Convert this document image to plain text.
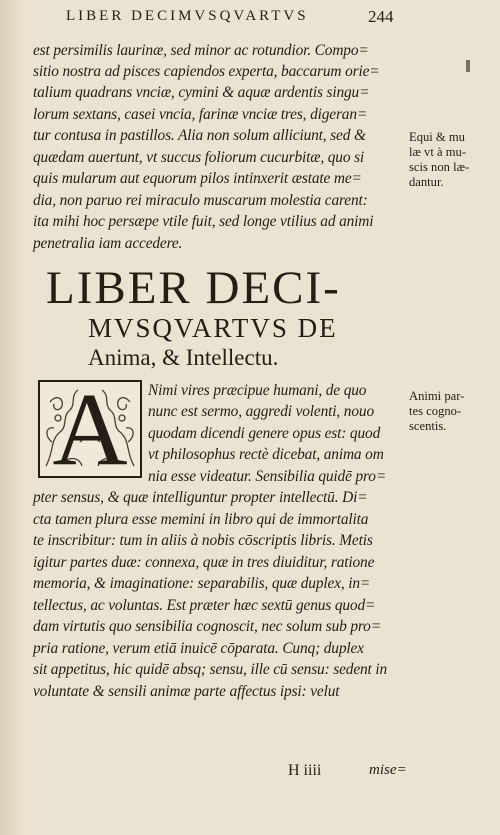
LIBER DECIMVSQVARTVS	244
est persimilis laurinæ, sed minor ac rotundior. Compo=
sitio nostra ad pisces capiendos experta, baccarum orie=
talium quadrans vnciæ, cymini & aquæ ardentis singu=
lorum sextans, casei vncia, farinæ vnciæ tres, digeran=
tur contusa in pastillos. Alia non solum alliciunt, sed &
quædam auertunt, vt succus foliorum cucurbitæ, quo si
quis mularum aut equorum pilos intinxerit æstate me=
dia, non paruo rei miraculo muscarum molestia carent:
ita mihi hoc persæpe vtile fuit, sed longe vtilius ad animi
penetralia iam accedere.
LIBER DECI-
MVSQVARTVS DE
Anima, & Intellectu.
A	Nimi vires præcipue humani, de quo
nunc est sermo, aggredi volenti, nouo
quodam dicendi genere opus est: quod
vt philosophus rectè dicebat, anima om
nia esse videatur. Sensibilia quidē pro=
pter sensus, & quæ intelliguntur propter intellectū. Di=
cta tamen plura esse memini in libro qui de immortalita
te inscribitur: tum in aliis à nobis cōscriptis libris. Metis
igitur partes duæ: connexa, quæ in tres diuiditur, ratione
memoria, & imaginatione: separabilis, quæ duplex, in=
tellectus, ac voluntas. Est præter hæc sextū genus quod=
dam virtutis quo sensibilia cognoscit, nec solum sub pro=
pria ratione, verum etiā inuicē cōparata. Cunq; duplex
sit appetitus, hic quidē absq; sensu, ille cū sensu: sedent in
voluntate & sensili animæ parte affectus ipsi: velut
Equi & mu
læ vt à mu-
scis non læ-
dantur.
Animi par-
tes cogno-
scentis.
H iiii	mise=
